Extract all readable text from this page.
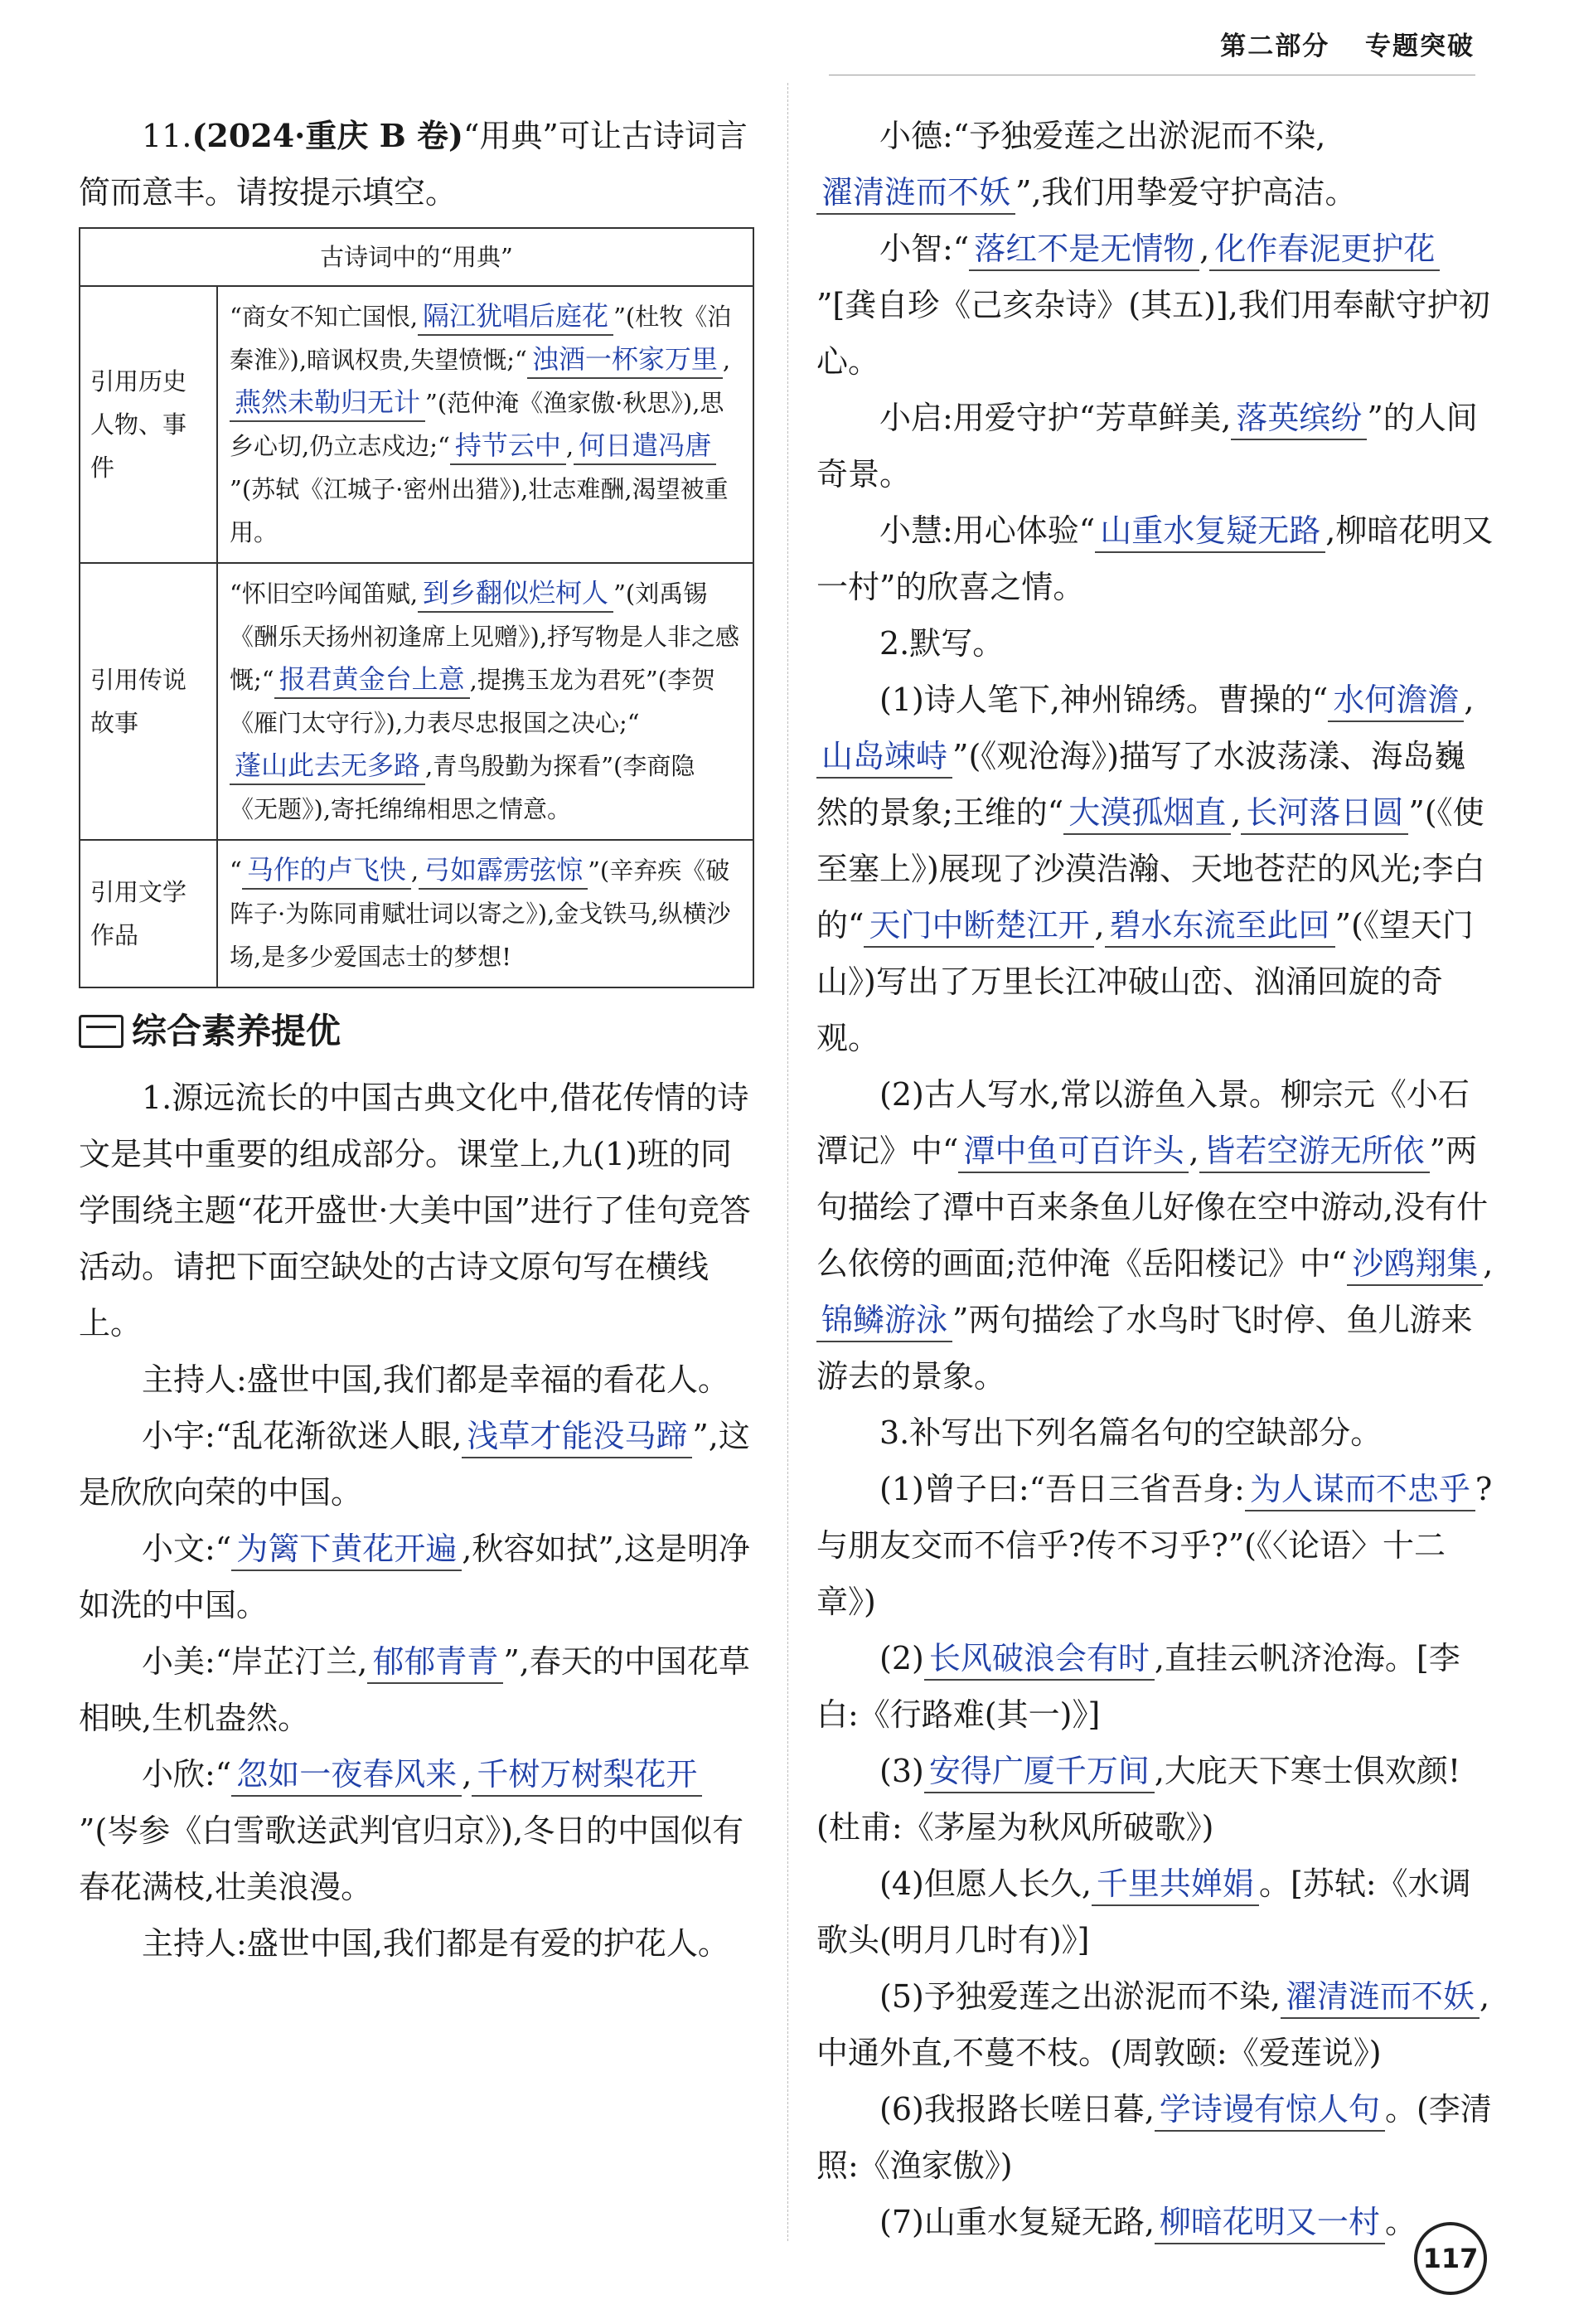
第二部分 专题突破

11.(2024·重庆 B 卷)“用典”可让古诗词言简而意丰。请按提示填空。

古诗词中的“用典”	
引用历史人物、事件	“商女不知亡国恨, 隔江犹唱后庭花 ”(杜牧《泊秦淮》),暗讽权贵,失望愤慨;“ 浊酒一杯家万里 ,燕然未勒归无计 ”(范仲淹《渔家傲·秋思》),思乡心切,仍立志戍边;“ 持节云中 , 何日遣冯唐”(苏轼《江城子·密州出猎》),壮志难酬,渴望被重用。
引用传说故事	“怀旧空吟闻笛赋, 到乡翻似烂柯人 ”(刘禹锡《酬乐天扬州初逢席上见赠》),抒写物是人非之感慨;“ 报君黄金台上意 ,提携玉龙为君死”(李贺《雁门太守行》),力表尽忠报国之决心;“蓬山此去无多路 ,青鸟殷勤为探看”(李商隐《无题》),寄托绵绵相思之情意。
引用文学作品	“ 马作的卢飞快 , 弓如霹雳弦惊 ”(辛弃疾《破阵子·为陈同甫赋壮词以寄之》),金戈铁马,纵横沙场,是多少爱国志士的梦想!
综合素养提优

1.源远流长的中国古典文化中,借花传情的诗文是其中重要的组成部分。课堂上,九(1)班的同学围绕主题“花开盛世·大美中国”进行了佳句竞答活动。请把下面空缺处的古诗文原句写在横线上。

主持人:盛世中国,我们都是幸福的看花人。

小宇:“乱花渐欲迷人眼, 浅草才能没马蹄 ”,这是欣欣向荣的中国。

小文:“ 为篱下黄花开遍 ,秋容如拭”,这是明净如洗的中国。

小美:“岸芷汀兰, 郁郁青青 ”,春天的中国花草相映,生机盎然。

小欣:“ 忽如一夜春风来 , 千树万树梨花开”(岑参《白雪歌送武判官归京》),冬日的中国似有春花满枝,壮美浪漫。

主持人:盛世中国,我们都是有爱的护花人。

小德:“予独爱莲之出淤泥而不染,濯清涟而不妖 ”,我们用挚爱守护高洁。

小智:“ 落红不是无情物 , 化作春泥更护花”[龚自珍《己亥杂诗》(其五)],我们用奉献守护初心。

小启:用爱守护“芳草鲜美, 落英缤纷 ”的人间奇景。

小慧:用心体验“ 山重水复疑无路 ,柳暗花明又一村”的欣喜之情。

2.默写。

(1)诗人笔下,神州锦绣。曹操的“ 水何澹澹 ,山岛竦峙 ”(《观沧海》)描写了水波荡漾、海岛巍然的景象;王维的“ 大漠孤烟直 , 长河落日圆 ”(《使至塞上》)展现了沙漠浩瀚、天地苍茫的风光;李白的“ 天门中断楚江开 , 碧水东流至此回 ”(《望天门山》)写出了万里长江冲破山峦、汹涌回旋的奇观。

(2)古人写水,常以游鱼入景。柳宗元《小石潭记》中“ 潭中鱼可百许头 , 皆若空游无所依 ”两句描绘了潭中百来条鱼儿好像在空中游动,没有什么依傍的画面;范仲淹《岳阳楼记》中“ 沙鸥翔集 ,锦鳞游泳 ”两句描绘了水鸟时飞时停、鱼儿游来游去的景象。

3.补写出下列名篇名句的空缺部分。

(1)曾子曰:“吾日三省吾身: 为人谋而不忠乎 ?与朋友交而不信乎?传不习乎?”(《〈论语〉十二章》)

(2) 长风破浪会有时 ,直挂云帆济沧海。[李白:《行路难(其一)》]

(3) 安得广厦千万间 ,大庇天下寒士俱欢颜!(杜甫:《茅屋为秋风所破歌》)

(4)但愿人长久, 千里共婵娟 。[苏轼:《水调歌头(明月几时有)》]

(5)予独爱莲之出淤泥而不染, 濯清涟而不妖 ,中通外直,不蔓不枝。(周敦颐:《爱莲说》)

(6)我报路长嗟日暮, 学诗谩有惊人句 。(李清照:《渔家傲》)

(7)山重水复疑无路, 柳暗花明又一村 。

117
